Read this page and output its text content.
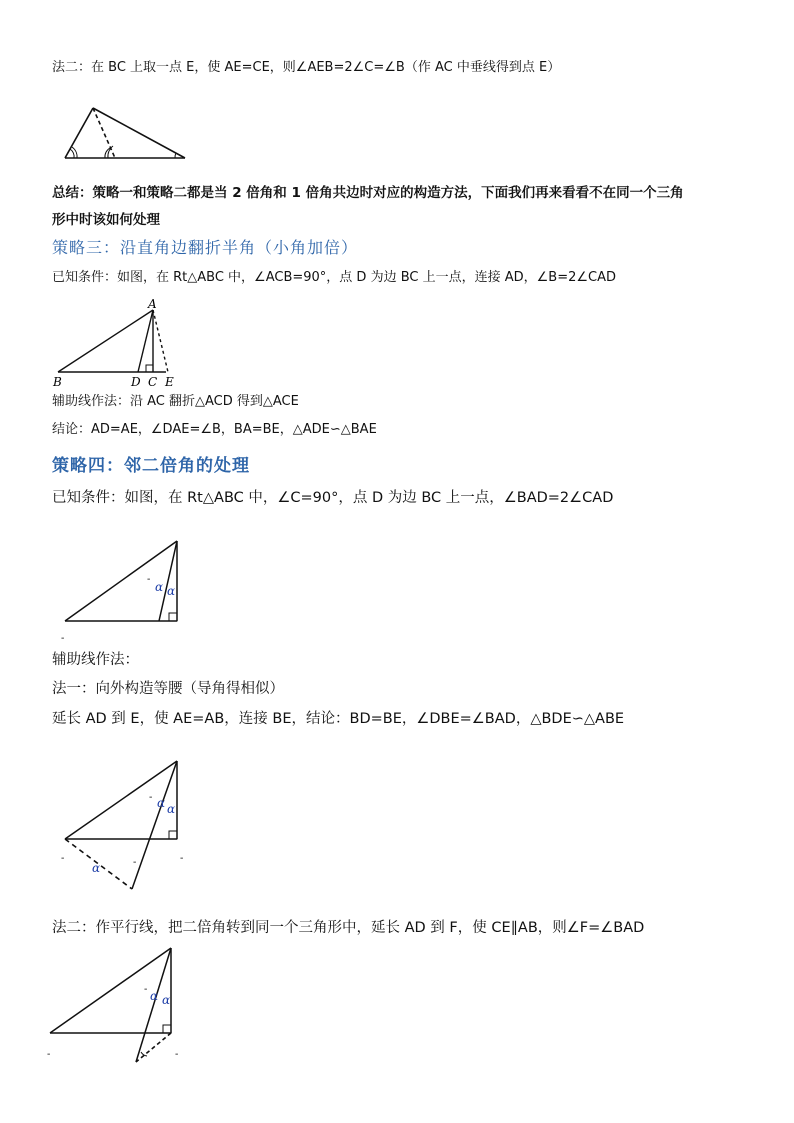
法二：在 BC 上取一点 E，使 AE=CE，则∠AEB=2∠C=∠B（作 AC 中垂线得到点 E）
总结：策略一和策略二都是当 2 倍角和 1 倍角共边时对应的构造方法，下面我们再来看看不在同一个三角
形中时该如何处理
策略三：沿直角边翻折半角（小角加倍）
已知条件：如图，在 Rt△ABC 中，∠ACB=90°，点 D 为边 BC 上一点，连接 AD，∠B=2∠CAD
A
B	D C E
辅助线作法：沿 AC 翻折△ACD 得到△ACE
结论：AD=AE，∠DAE=∠B，BA=BE，△ADE∽△BAE
策略四：邻二倍角的处理
已知条件：如图，在 Rt△ABC 中，∠C=90°，点 D 为边 BC 上一点，∠BAD=2∠CAD
α α
-
-
辅助线作法：
法一：向外构造等腰（导角得相似）
延长 AD 到 E，使 AE=AB，连接 BE，结论：BD=BE，∠DBE=∠BAD，△BDE∽△ABE
α α
α
-
-	-	-
法二：作平行线，把二倍角转到同一个三角形中，延长 AD 到 F，使 CE∥AB，则∠F=∠BAD
α α
-
-	-
